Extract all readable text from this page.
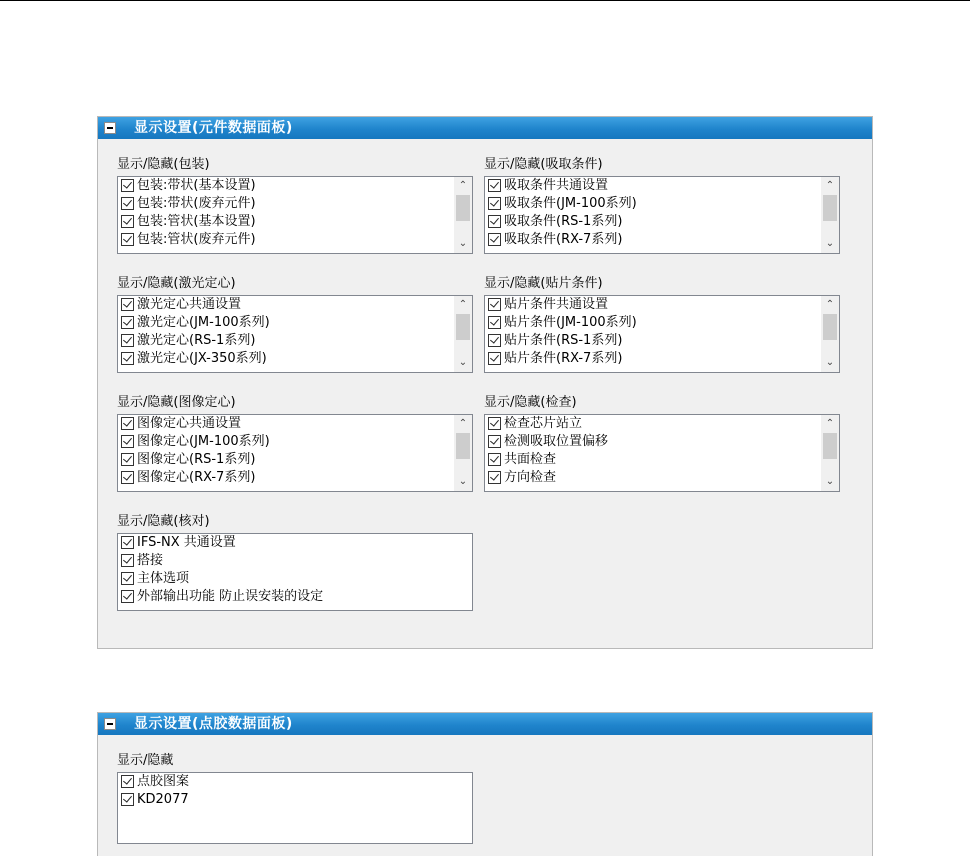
显示设置(元件数据面板)
显示/隐藏(包装)
包装:带状(基本设置)
包装:带状(废弃元件)
包装:管状(基本设置)
包装:管状(废弃元件)
⌃
⌄
显示/隐藏(吸取条件)
吸取条件共通设置
吸取条件(JM-100系列)
吸取条件(RS-1系列)
吸取条件(RX-7系列)
⌃
⌄
显示/隐藏(激光定心)
激光定心共通设置
激光定心(JM-100系列)
激光定心(RS-1系列)
激光定心(JX-350系列)
⌃
⌄
显示/隐藏(贴片条件)
贴片条件共通设置
贴片条件(JM-100系列)
贴片条件(RS-1系列)
贴片条件(RX-7系列)
⌃
⌄
显示/隐藏(图像定心)
图像定心共通设置
图像定心(JM-100系列)
图像定心(RS-1系列)
图像定心(RX-7系列)
⌃
⌄
显示/隐藏(检查)
检查芯片站立
检测吸取位置偏移
共面检查
方向检查
⌃
⌄
显示/隐藏(核对)
IFS-NX 共通设置
搭接
主体选项
外部输出功能 防止误安装的设定
显示设置(点胶数据面板)
显示/隐藏
点胶图案
KD2077
